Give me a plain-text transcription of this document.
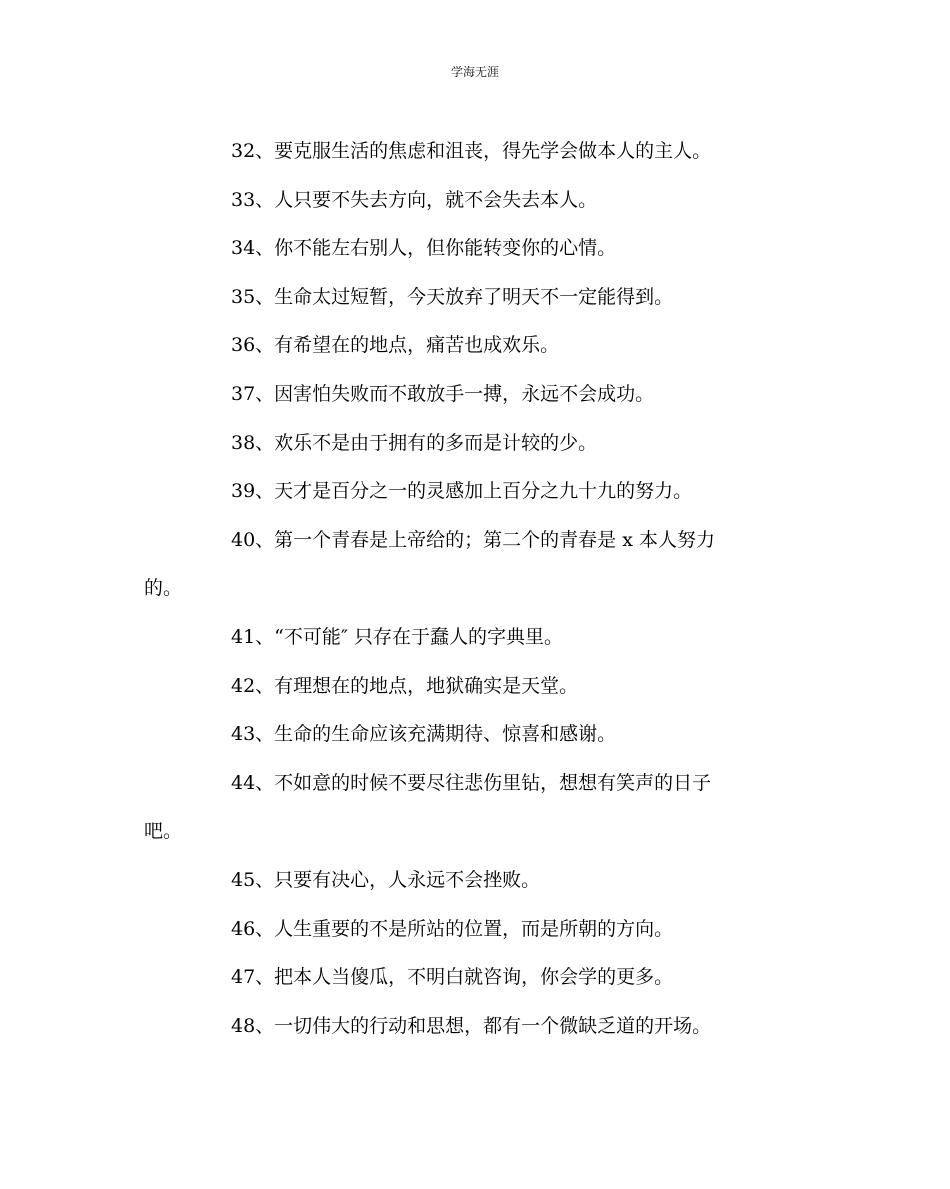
学海无涯
32、要克服生活的焦虑和沮丧，得先学会做本人的主人。
33、人只要不失去方向，就不会失去本人。
34、你不能左右别人，但你能转变你的心情。
35、生命太过短暂，今天放弃了明天不一定能得到。
36、有希望在的地点，痛苦也成欢乐。
37、因害怕失败而不敢放手一搏，永远不会成功。
38、欢乐不是由于拥有的多而是计较的少。
39、天才是百分之一的灵感加上百分之九十九的努力。
40、第一个青春是上帝给的；第二个的青春是 x 本人努力
的。
41、“不可能″ 只存在于蠢人的字典里。
42、有理想在的地点，地狱确实是天堂。
43、生命的生命应该充满期待、惊喜和感谢。
44、不如意的时候不要尽往悲伤里钻，想想有笑声的日子
吧。
45、只要有决心，人永远不会挫败。
46、人生重要的不是所站的位置，而是所朝的方向。
47、把本人当傻瓜，不明白就咨询，你会学的更多。
48、一切伟大的行动和思想，都有一个微缺乏道的开场。
